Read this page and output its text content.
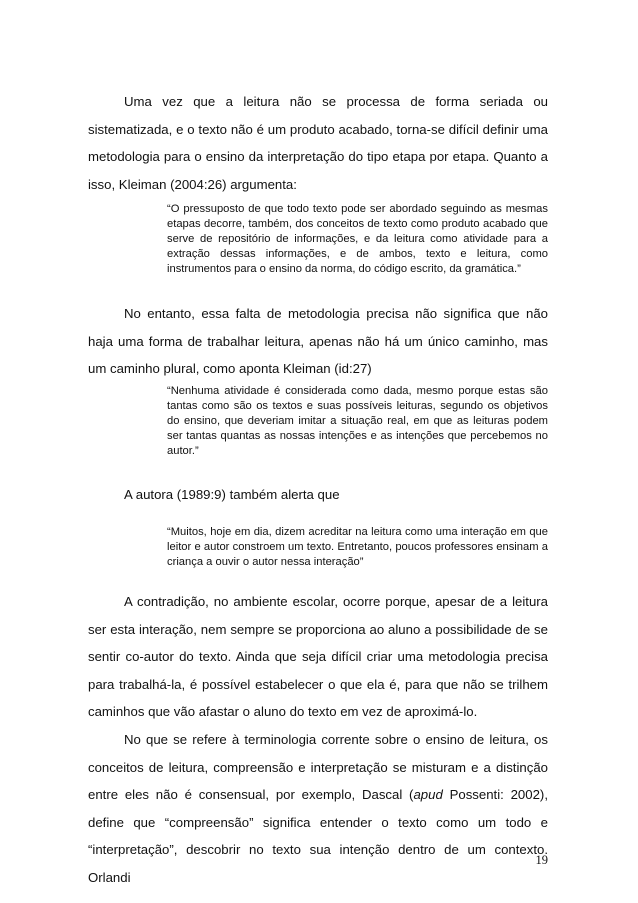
Uma vez que a leitura não se processa de forma seriada ou sistematizada, e o texto não é um produto acabado, torna-se difícil definir uma metodologia para o ensino da interpretação do tipo etapa por etapa. Quanto a isso, Kleiman (2004:26) argumenta:

“O pressuposto de que todo texto pode ser abordado seguindo as mesmas etapas decorre, também, dos conceitos de texto como produto acabado que serve de repositório de informações, e da leitura como atividade para a extração dessas informações, e de ambos, texto e leitura, como instrumentos para o ensino da norma, do código escrito, da gramática.”

No entanto, essa falta de metodologia precisa não significa que não haja uma forma de trabalhar leitura, apenas não há um único caminho, mas um caminho plural, como aponta Kleiman (id:27)

“Nenhuma atividade é considerada como dada, mesmo porque estas são tantas como são os textos e suas possíveis leituras, segundo os objetivos do ensino, que deveriam imitar a situação real, em que as leituras podem ser tantas quantas as nossas intenções e as intenções que percebemos no autor.”

A autora (1989:9) também alerta que

“Muitos, hoje em dia, dizem acreditar na leitura como uma interação em que leitor e autor constroem um texto. Entretanto, poucos professores ensinam a criança a ouvir o autor nessa interação”

A contradição, no ambiente escolar, ocorre porque, apesar de a leitura ser esta interação, nem sempre se proporciona ao aluno a possibilidade de se sentir co-autor do texto. Ainda que seja difícil criar uma metodologia precisa para trabalhá-la, é possível estabelecer o que ela é, para que não se trilhem caminhos que vão afastar o aluno do texto em vez de aproximá-lo.

No que se refere à terminologia corrente sobre o ensino de leitura, os conceitos de leitura, compreensão e interpretação se misturam e a distinção entre eles não é consensual, por exemplo, Dascal (apud Possenti: 2002), define que “compreensão” significa entender o texto como um todo e “interpretação”, descobrir no texto sua intenção dentro de um contexto. Orlandi

19
